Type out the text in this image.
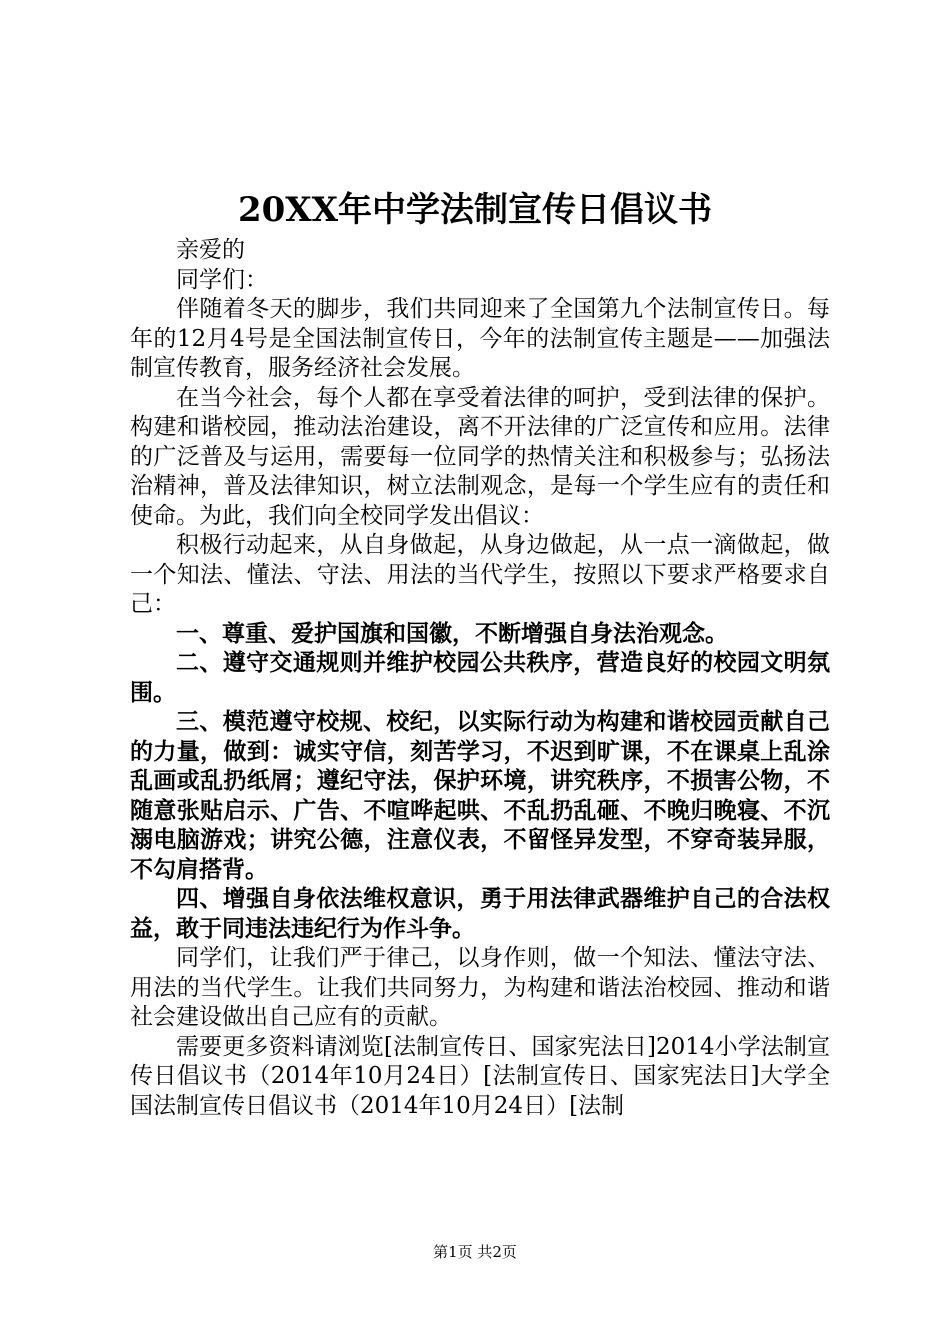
20XX年中学法制宣传日倡议书

亲爱的

同学们：

伴随着冬天的脚步，我们共同迎来了全国第九个法制宣传日。每年的12月4号是全国法制宣传日，今年的法制宣传主题是——加强法制宣传教育，服务经济社会发展。

在当今社会，每个人都在享受着法律的呵护，受到法律的保护。构建和谐校园，推动法治建设，离不开法律的广泛宣传和应用。法律的广泛普及与运用，需要每一位同学的热情关注和积极参与；弘扬法治精神，普及法律知识，树立法制观念，是每一个学生应有的责任和使命。为此，我们向全校同学发出倡议：

积极行动起来，从自身做起，从身边做起，从一点一滴做起，做一个知法、懂法、守法、用法的当代学生，按照以下要求严格要求自己：

一、尊重、爱护国旗和国徽，不断增强自身法治观念。

二、遵守交通规则并维护校园公共秩序，营造良好的校园文明氛围。

三、模范遵守校规、校纪，以实际行动为构建和谐校园贡献自己的力量，做到：诚实守信，刻苦学习，不迟到旷课，不在课桌上乱涂乱画或乱扔纸屑；遵纪守法，保护环境，讲究秩序，不损害公物，不随意张贴启示、广告、不喧哗起哄、不乱扔乱砸、不晚归晚寝、不沉溺电脑游戏；讲究公德，注意仪表，不留怪异发型，不穿奇装异服，不勾肩搭背。

四、增强自身依法维权意识，勇于用法律武器维护自己的合法权益，敢于同违法违纪行为作斗争。

同学们，让我们严于律己，以身作则，做一个知法、懂法守法、用法的当代学生。让我们共同努力，为构建和谐法治校园、推动和谐社会建设做出自己应有的贡献。

需要更多资料请浏览[法制宣传日、国家宪法日]2014小学法制宣传日倡议书（2014年10月24日）[法制宣传日、国家宪法日]大学全国法制宣传日倡议书（2014年10月24日）[法制

第1页 共2页
